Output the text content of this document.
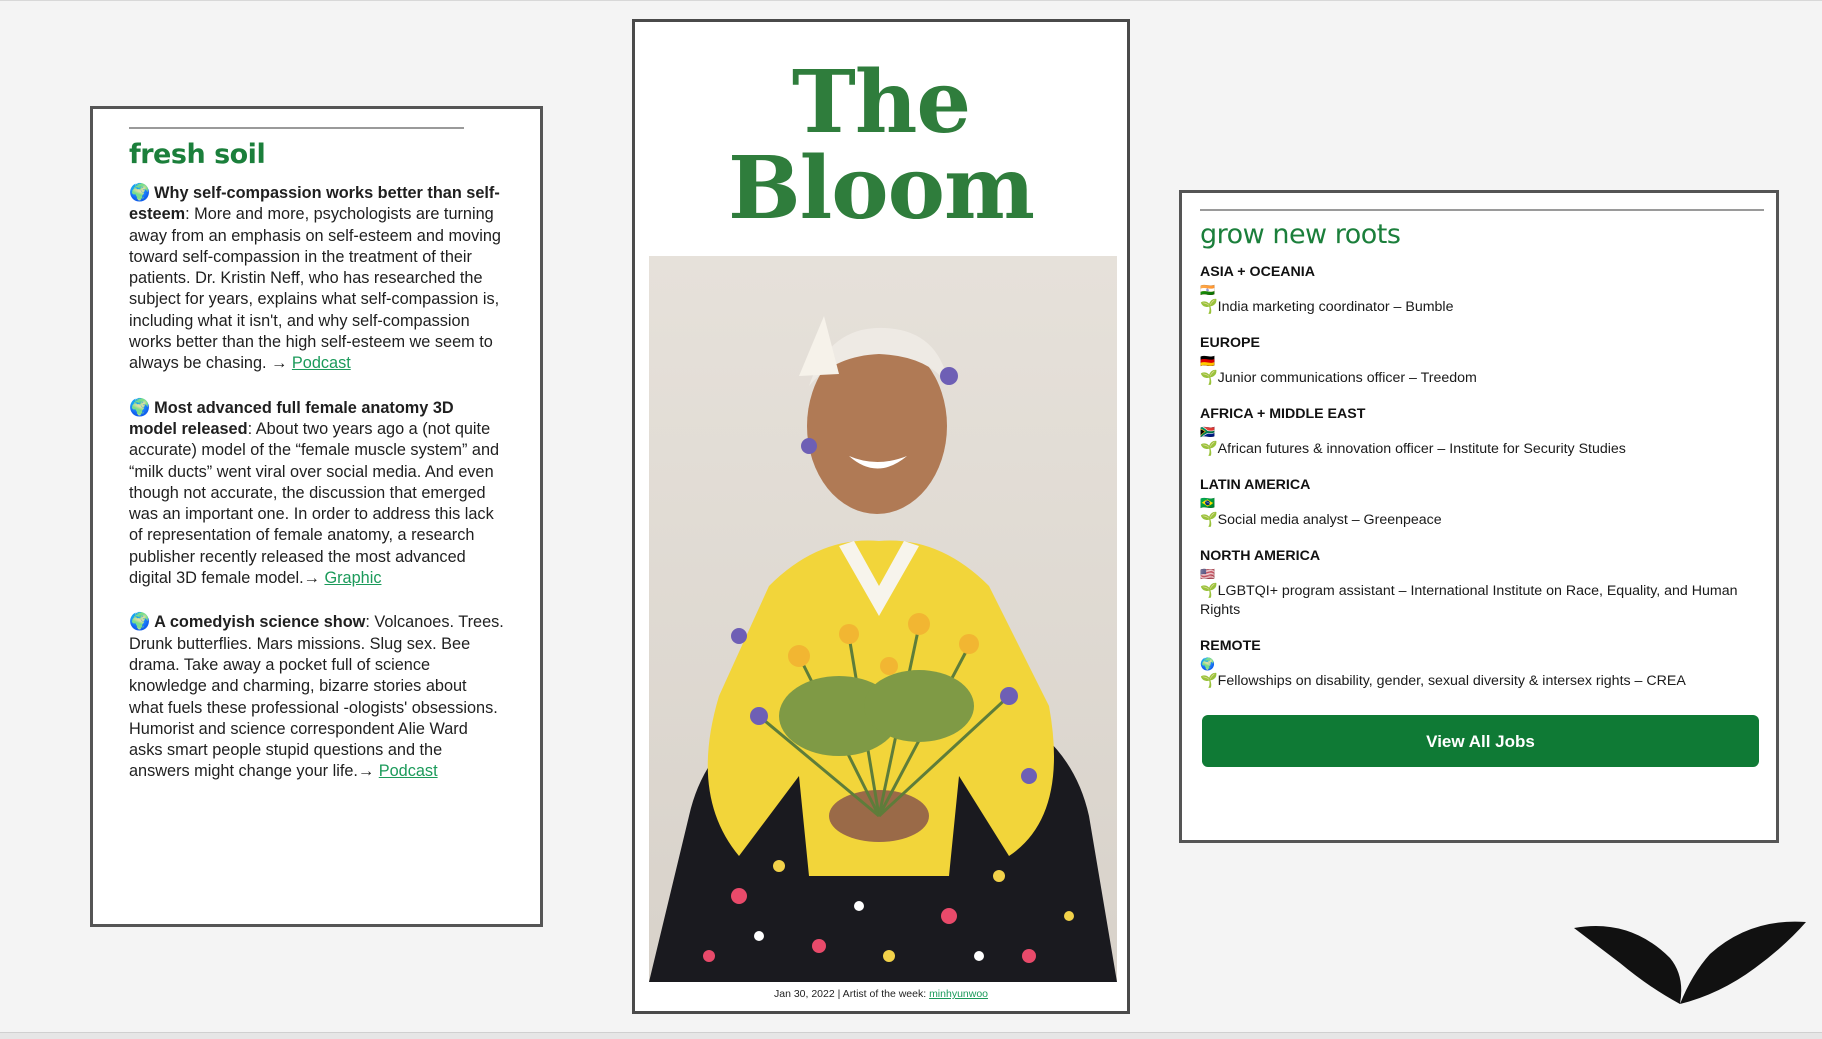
fresh soil

🌍 Why self-compassion works better than self-esteem: More and more, psychologists are turning away from an emphasis on self-esteem and moving toward self-compassion in the treatment of their patients. Dr. Kristin Neff, who has researched the subject for years, explains what self-compassion is, including what it isn't, and why self-compassion works better than the high self-esteem we seem to always be chasing. → Podcast

🌍 Most advanced full female anatomy 3D model released: About two years ago a (not quite accurate) model of the “female muscle system” and “milk ducts” went viral over social media. And even though not accurate, the discussion that emerged was an important one. In order to address this lack of representation of female anatomy, a research publisher recently released the most advanced digital 3D female model.→ Graphic

🌍 A comedyish science show: Volcanoes. Trees. Drunk butterflies. Mars missions. Slug sex. Bee drama. Take away a pocket full of science knowledge and charming, bizarre stories about what fuels these professional -ologists' obsessions. Humorist and science correspondent Alie Ward asks smart people stupid questions and the answers might change your life.→ Podcast

The Bloom
Jan 30, 2022 | Artist of the week: minhyunwoo
grow new roots
ASIA + OCEANIA
🇮🇳
🌱India marketing coordinator – Bumble
EUROPE
🇩🇪
🌱Junior communications officer – Treedom
AFRICA + MIDDLE EAST
🇿🇦
🌱African futures & innovation officer – Institute for Security Studies
LATIN AMERICA
🇧🇷
🌱Social media analyst – Greenpeace
NORTH AMERICA
🇺🇸
🌱LGBTQI+ program assistant – International Institute on Race, Equality, and Human Rights
REMOTE
🌍
🌱Fellowships on disability, gender, sexual diversity & intersex rights – CREA
View All Jobs
